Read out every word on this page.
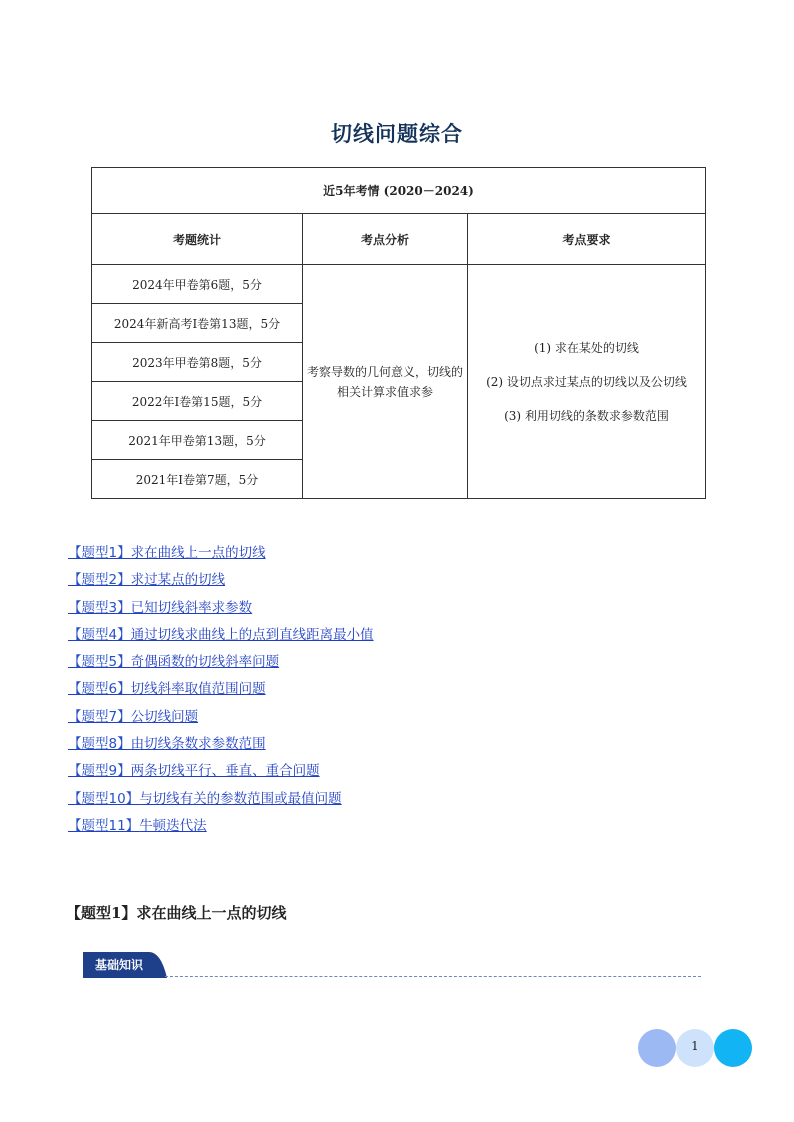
切线问题综合
近5年考情 (2020－2024)		
考题统计	考点分析	考点要求
2024年甲卷第6题，5分	考察导数的几何意义，切线的相关计算求值求参	(1) 求在某处的切线
(2) 设切点求过某点的切线以及公切线
(3) 利用切线的条数求参数范围

2024年新高考I卷第13题，5分		
2023年甲卷第8题，5分		
2022年I卷第15题，5分		
2021年甲卷第13题，5分		
2021年I卷第7题，5分		
【题型1】求在曲线上一点的切线
【题型2】求过某点的切线
【题型3】已知切线斜率求参数
【题型4】通过切线求曲线上的点到直线距离最小值
【题型5】奇偶函数的切线斜率问题
【题型6】切线斜率取值范围问题
【题型7】公切线问题
【题型8】由切线条数求参数范围
【题型9】两条切线平行、垂直、重合问题
【题型10】与切线有关的参数范围或最值问题
【题型11】牛顿迭代法
【题型1】求在曲线上一点的切线
基础知识
1
